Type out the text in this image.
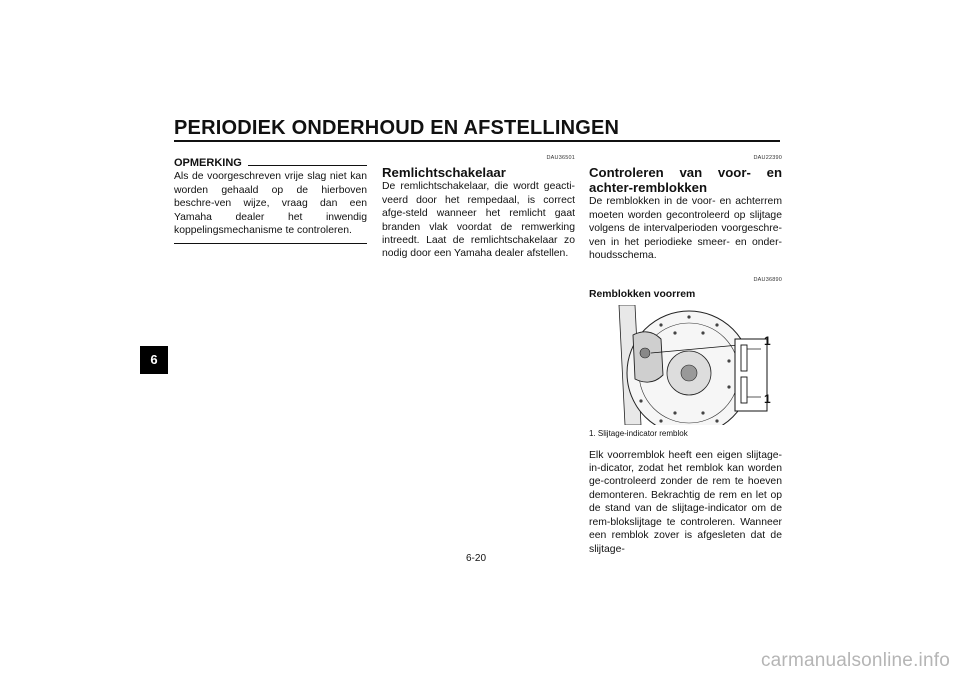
PERIODIEK ONDERHOUD EN AFSTELLINGEN
6
OPMERKING

Als de voorgeschreven vrije slag niet kan worden gehaald op de hierboven beschre-ven wijze, vraag dan een Yamaha dealer het inwendig koppelingsmechanisme te controleren.

DAU36501

Remlichtschakelaar

De remlichtschakelaar, die wordt geacti-veerd door het rempedaal, is correct afge-steld wanneer het remlicht gaat branden vlak voordat de remwerking intreedt. Laat de remlichtschakelaar zo nodig door een Yamaha dealer afstellen.

DAU22390

Controleren van voor- en achter-remblokken

De remblokken in de voor- en achterrem moeten worden gecontroleerd op slijtage volgens de intervalperioden voorgeschre-ven in het periodieke smeer- en onder-houdsschema.

DAU36890

Remblokken voorrem
1
1
1. Slijtage-indicator remblok

Elk voorremblok heeft een eigen slijtage-in-dicator, zodat het remblok kan worden ge-controleerd zonder de rem te hoeven demonteren. Bekrachtig de rem en let op de stand van de slijtage-indicator om de rem-blokslijtage te controleren. Wanneer een remblok zover is afgesleten dat de slijtage-

6-20
carmanualsonline.info
